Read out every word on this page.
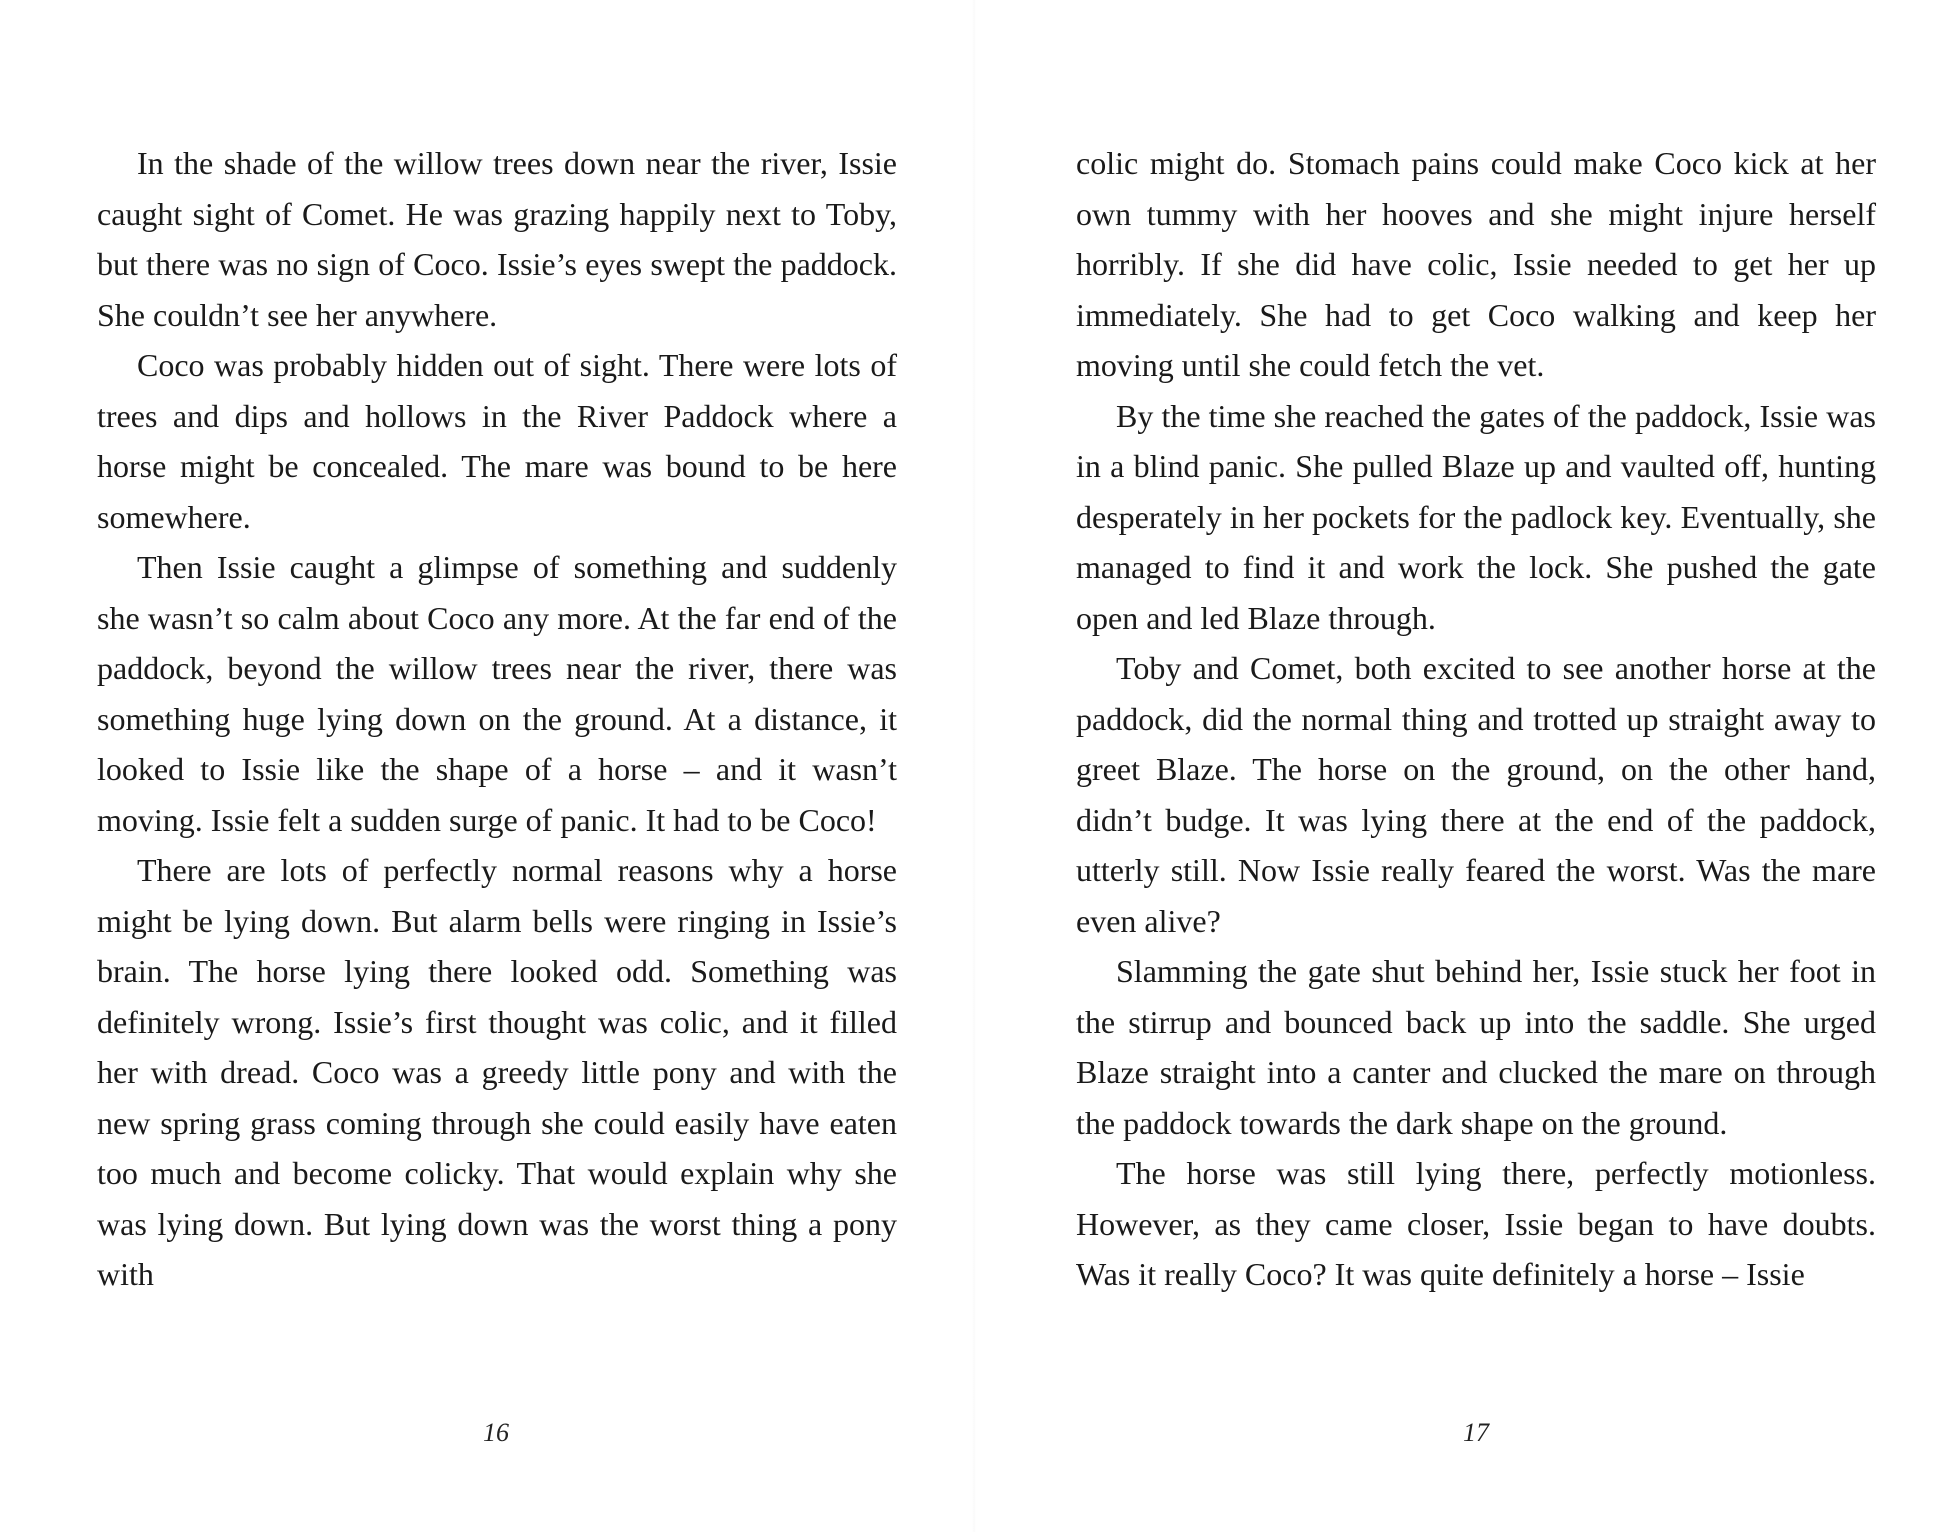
In the shade of the willow trees down near the river, Issie caught sight of Comet. He was grazing happily next to Toby, but there was no sign of Coco. Issie’s eyes swept the paddock. She couldn’t see her anywhere.

Coco was probably hidden out of sight. There were lots of trees and dips and hollows in the River Paddock where a horse might be concealed. The mare was bound to be here somewhere.

Then Issie caught a glimpse of something and suddenly she wasn’t so calm about Coco any more. At the far end of the paddock, beyond the willow trees near the river, there was something huge lying down on the ground. At a distance, it looked to Issie like the shape of a horse – and it wasn’t moving. Issie felt a sudden surge of panic. It had to be Coco!

There are lots of perfectly normal reasons why a horse might be lying down. But alarm bells were ringing in Issie’s brain. The horse lying there looked odd. Something was definitely wrong. Issie’s first thought was colic, and it filled her with dread. Coco was a greedy little pony and with the new spring grass coming through she could easily have eaten too much and become colicky. That would explain why she was lying down. But lying down was the worst thing a pony with

16

colic might do. Stomach pains could make Coco kick at her own tummy with her hooves and she might injure herself horribly. If she did have colic, Issie needed to get her up immediately. She had to get Coco walking and keep her moving until she could fetch the vet.

By the time she reached the gates of the paddock, Issie was in a blind panic. She pulled Blaze up and vaulted off, hunting desperately in her pockets for the padlock key. Eventually, she managed to find it and work the lock. She pushed the gate open and led Blaze through.

Toby and Comet, both excited to see another horse at the paddock, did the normal thing and trotted up straight away to greet Blaze. The horse on the ground, on the other hand, didn’t budge. It was lying there at the end of the paddock, utterly still. Now Issie really feared the worst. Was the mare even alive?

Slamming the gate shut behind her, Issie stuck her foot in the stirrup and bounced back up into the saddle. She urged Blaze straight into a canter and clucked the mare on through the paddock towards the dark shape on the ground.

The horse was still lying there, perfectly motionless. However, as they came closer, Issie began to have doubts. Was it really Coco? It was quite definitely a horse – Issie

17
